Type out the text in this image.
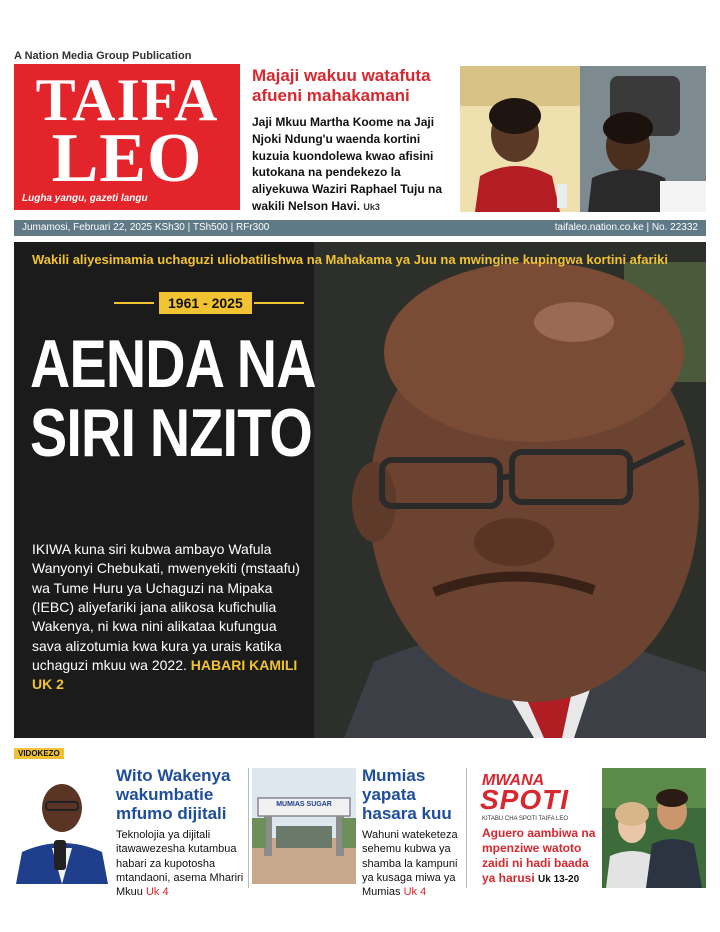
A Nation Media Group Publication
TAIFA
LEO
Lugha yangu, gazeti langu
Majaji wakuu watafuta afueni mahakamani
Jaji Mkuu Martha Koome na Jaji Njoki Ndung'u waenda kortini kuzuia kuondolewa kwao afisini kutokana na pendekezo la aliyekuwa Waziri Raphael Tuju na wakili Nelson Havi. Uk3
Jumamosi, Februari 22, 2025 KSh30 | TSh500 | RFr300	taifaleo.nation.co.ke | No. 22332
Wakili aliyesimamia uchaguzi uliobatilishwa na Mahakama ya Juu na mwingine kupingwa kortini afariki
1961 - 2025
AENDA NA
SIRI NZITO
IKIWA kuna siri kubwa ambayo Wafula Wanyonyi Chebukati, mwenyekiti (mstaafu) wa Tume Huru ya Uchaguzi na Mipaka (IEBC) aliyefariki jana alikosa kufichulia Wakenya, ni kwa nini alikataa kufungua sava alizotumia kwa kura ya urais katika uchaguzi mkuu wa 2022. HABARI KAMILI UK 2
VIDOKEZO
Wito Wakenya wakumbatie mfumo dijitali
Teknolojia ya dijitali itawawezesha kutambua habari za kupotosha mtandaoni, asema Mhariri Mkuu Uk 4
MUMIAS SUGAR
Mumias yapata hasara kuu
Wahuni wateketeza sehemu kubwa ya shamba la kampuni ya kusaga miwa ya Mumias Uk 4
MWANA
SPOTI
KITABU CHA SPOTI TAIFA LEO
Aguero aambiwa na mpenziwe watoto zaidi ni hadi baada ya harusi Uk 13-20
